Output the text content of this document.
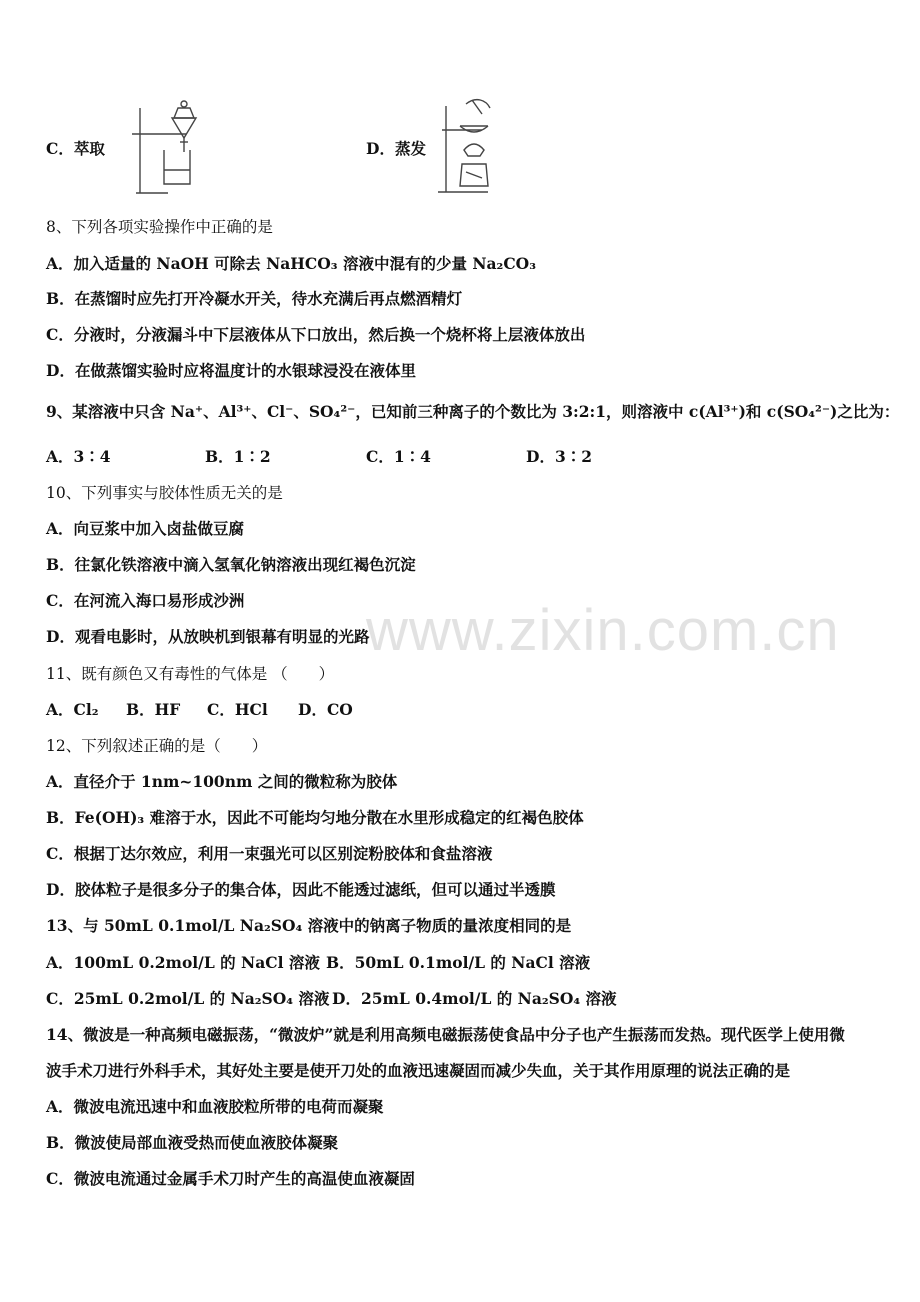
C．萃取	D．蒸发
8、下列各项实验操作中正确的是
A．加入适量的 NaOH 可除去 NaHCO₃ 溶液中混有的少量 Na₂CO₃
B．在蒸馏时应先打开冷凝水开关，待水充满后再点燃酒精灯
C．分液时，分液漏斗中下层液体从下口放出，然后换一个烧杯将上层液体放出
D．在做蒸馏实验时应将温度计的水银球浸没在液体里
9、某溶液中只含 Na⁺、Al³⁺、Cl⁻、SO₄²⁻，已知前三种离子的个数比为 3:2:1，则溶液中 c(Al³⁺)和 c(SO₄²⁻)之比为：
A．3∶4	B．1∶2	C．1∶4	D．3∶2
10、下列事实与胶体性质无关的是
A．向豆浆中加入卤盐做豆腐
B．往氯化铁溶液中滴入氢氧化钠溶液出现红褐色沉淀
C．在河流入海口易形成沙洲
D．观看电影时，从放映机到银幕有明显的光路
www.zixin.com.cn
11、既有颜色又有毒性的气体是 （　　）
A．Cl₂ B．HF C．HCl D．CO
12、下列叙述正确的是（　　）
A．直径介于 1nm~100nm 之间的微粒称为胶体
B．Fe(OH)₃ 难溶于水，因此不可能均匀地分散在水里形成稳定的红褐色胶体
C．根据丁达尔效应，利用一束强光可以区别淀粉胶体和食盐溶液
D．胶体粒子是很多分子的集合体，因此不能透过滤纸，但可以通过半透膜
13、与 50mL 0.1mol/L Na₂SO₄ 溶液中的钠离子物质的量浓度相同的是
A．100mL 0.2mol/L 的 NaCl 溶液 B．50mL 0.1mol/L 的 NaCl 溶液
C．25mL 0.2mol/L 的 Na₂SO₄ 溶液 D．25mL 0.4mol/L 的 Na₂SO₄ 溶液
14、微波是一种高频电磁振荡，“微波炉”就是利用高频电磁振荡使食品中分子也产生振荡而发热。现代医学上使用微
波手术刀进行外科手术，其好处主要是使开刀处的血液迅速凝固而减少失血，关于其作用原理的说法正确的是
A．微波电流迅速中和血液胶粒所带的电荷而凝聚
B．微波使局部血液受热而使血液胶体凝聚
C．微波电流通过金属手术刀时产生的高温使血液凝固
